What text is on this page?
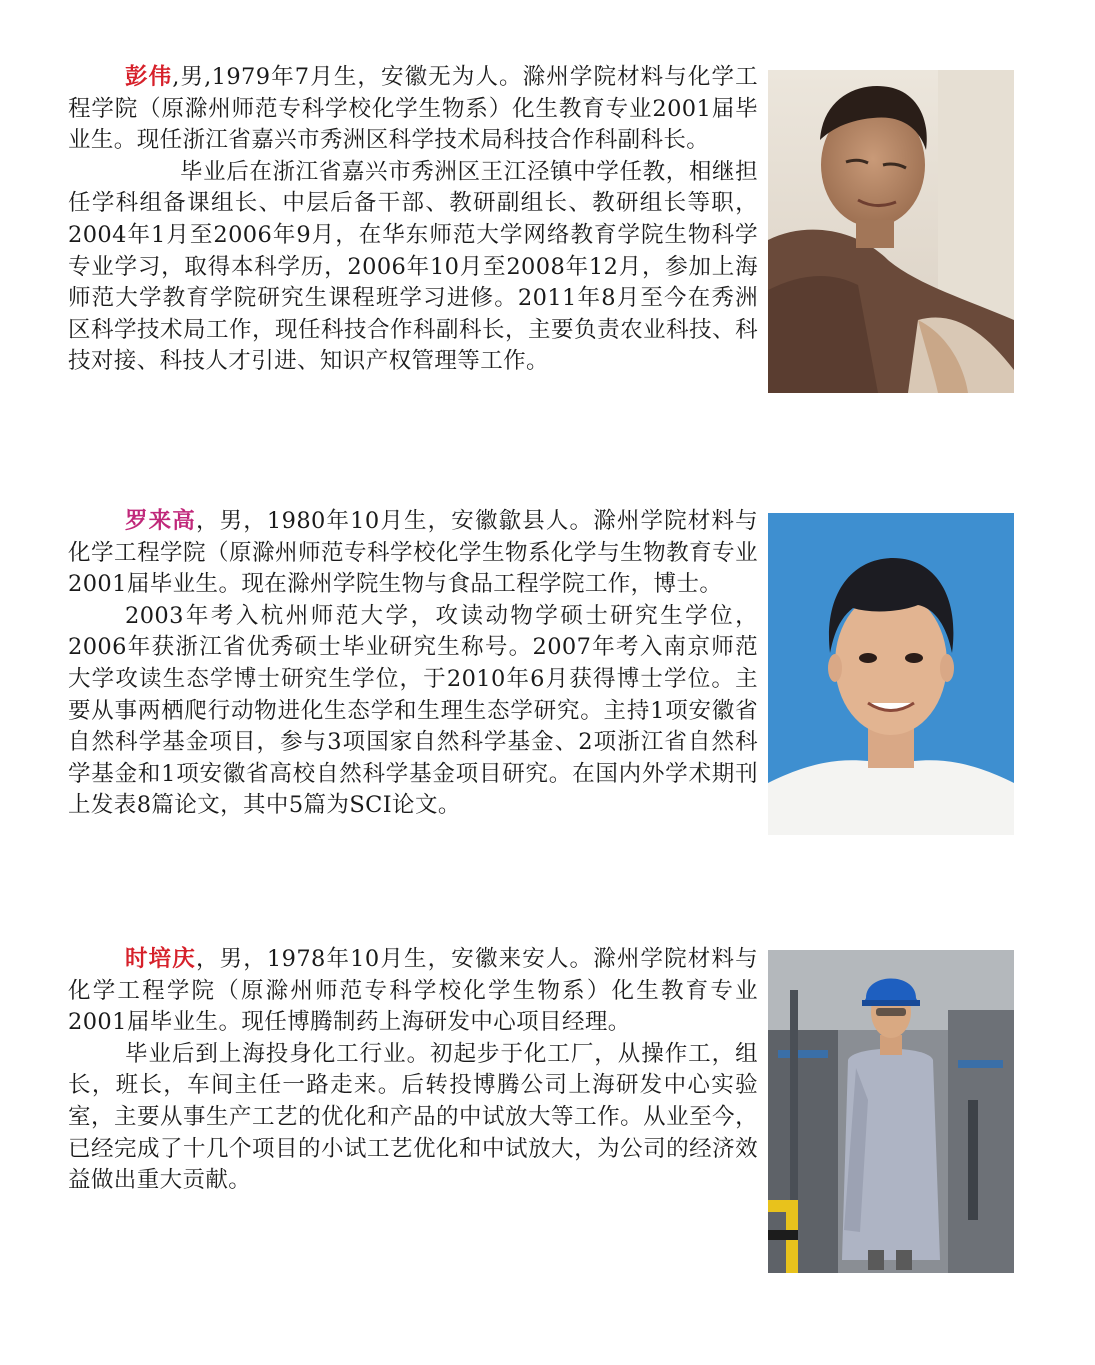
彭伟,男,1979年7月生，安徽无为人。滁州学院材料与化学工程学院（原滁州师范专科学校化学生物系）化生教育专业2001届毕业生。现任浙江省嘉兴市秀洲区科学技术局科技合作科副科长。

毕业后在浙江省嘉兴市秀洲区王江泾镇中学任教，相继担任学科组备课组长、中层后备干部、教研副组长、教研组长等职，2004年1月至2006年9月，在华东师范大学网络教育学院生物科学专业学习，取得本科学历，2006年10月至2008年12月，参加上海师范大学教育学院研究生课程班学习进修。2011年8月至今在秀洲区科学技术局工作，现任科技合作科副科长，主要负责农业科技、科技对接、科技人才引进、知识产权管理等工作。

罗来高，男，1980年10月生，安徽歙县人。滁州学院材料与化学工程学院（原滁州师范专科学校化学生物系化学与生物教育专业2001届毕业生。现在滁州学院生物与食品工程学院工作，博士。

2003年考入杭州师范大学，攻读动物学硕士研究生学位，2006年获浙江省优秀硕士毕业研究生称号。2007年考入南京师范大学攻读生态学博士研究生学位，于2010年6月获得博士学位。主要从事两栖爬行动物进化生态学和生理生态学研究。主持1项安徽省自然科学基金项目，参与3项国家自然科学基金、2项浙江省自然科学基金和1项安徽省高校自然科学基金项目研究。在国内外学术期刊上发表8篇论文，其中5篇为SCI论文。

时培庆，男，1978年10月生，安徽来安人。滁州学院材料与化学工程学院（原滁州师范专科学校化学生物系）化生教育专业2001届毕业生。现任博腾制药上海研发中心项目经理。

毕业后到上海投身化工行业。初起步于化工厂，从操作工，组长，班长，车间主任一路走来。后转投博腾公司上海研发中心实验室，主要从事生产工艺的优化和产品的中试放大等工作。从业至今，已经完成了十几个项目的小试工艺优化和中试放大，为公司的经济效益做出重大贡献。
